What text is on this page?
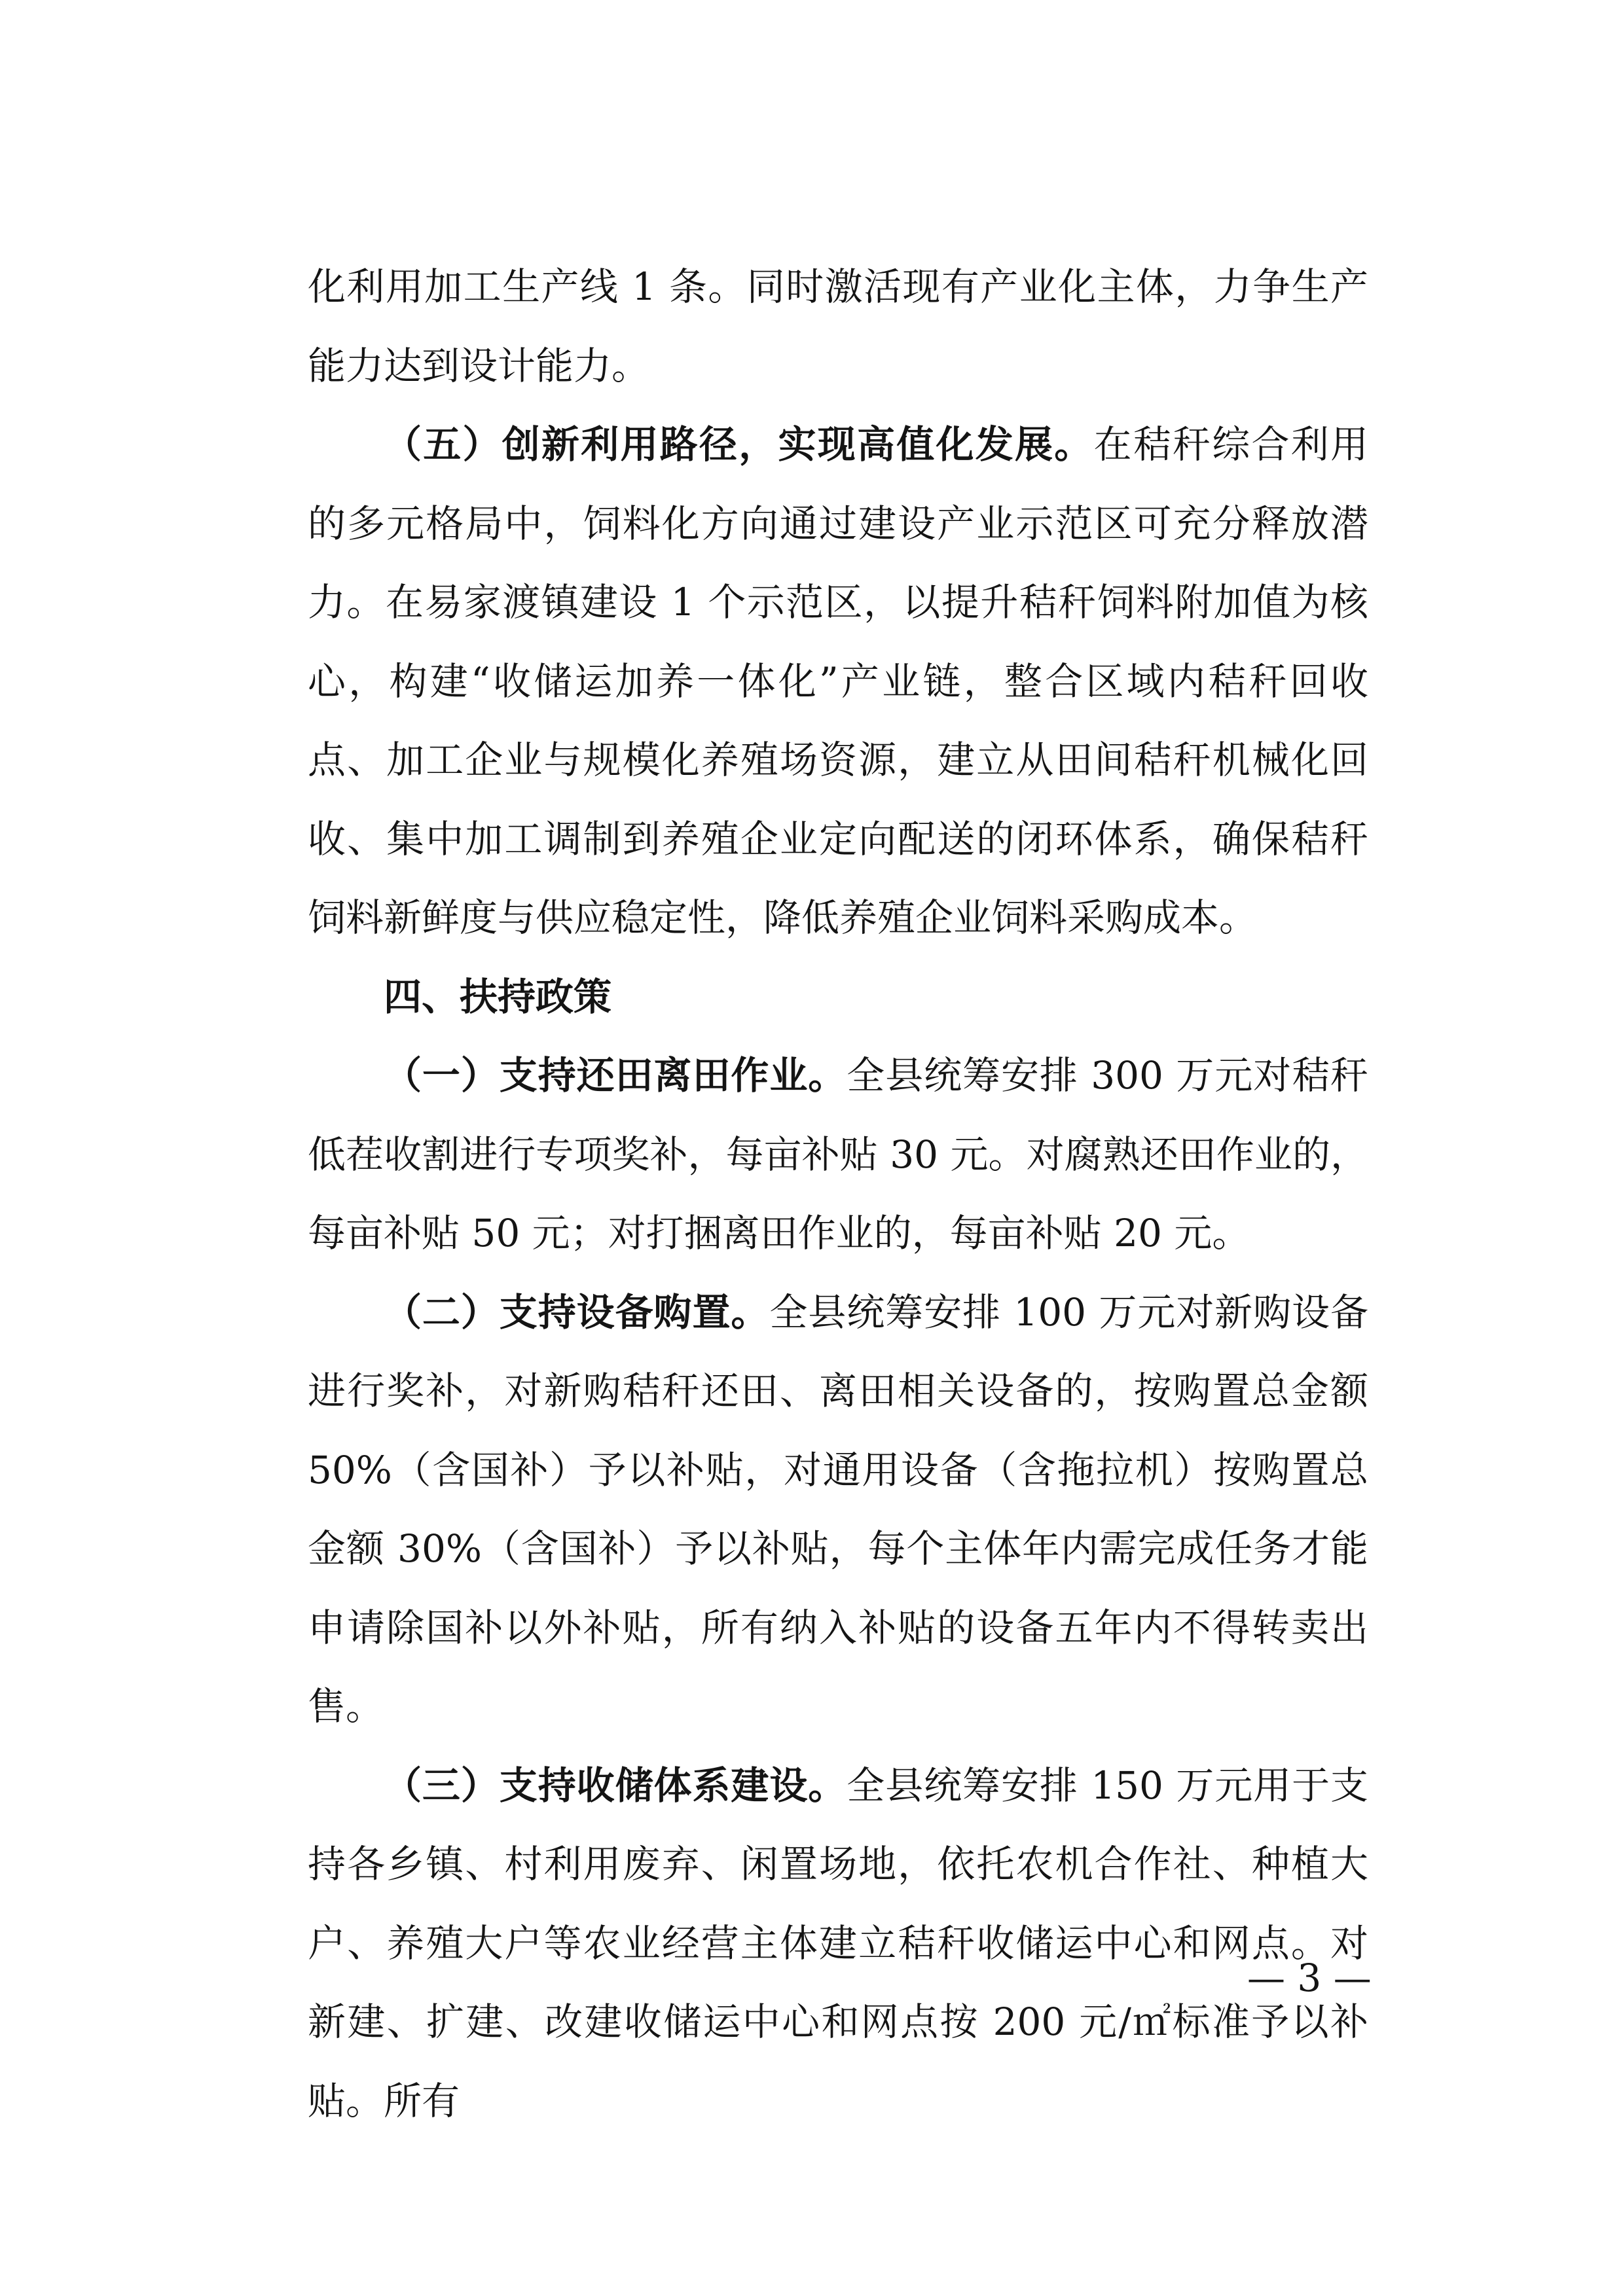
化利用加工生产线 1 条。同时激活现有产业化主体，力争生产能力达到设计能力。

（五）创新利用路径，实现高值化发展。在秸秆综合利用的多元格局中，饲料化方向通过建设产业示范区可充分释放潜力。在易家渡镇建设 1 个示范区，以提升秸秆饲料附加值为核心，构建“收储运加养一体化”产业链，整合区域内秸秆回收点、加工企业与规模化养殖场资源，建立从田间秸秆机械化回收、集中加工调制到养殖企业定向配送的闭环体系，确保秸秆饲料新鲜度与供应稳定性，降低养殖企业饲料采购成本。

四、扶持政策

（一）支持还田离田作业。全县统筹安排 300 万元对秸秆低茬收割进行专项奖补，每亩补贴 30 元。对腐熟还田作业的，每亩补贴 50 元；对打捆离田作业的，每亩补贴 20 元。

（二）支持设备购置。全县统筹安排 100 万元对新购设备进行奖补，对新购秸秆还田、离田相关设备的，按购置总金额 50%（含国补）予以补贴，对通用设备（含拖拉机）按购置总金额 30%（含国补）予以补贴，每个主体年内需完成任务才能申请除国补以外补贴，所有纳入补贴的设备五年内不得转卖出售。

（三）支持收储体系建设。全县统筹安排 150 万元用于支持各乡镇、村利用废弃、闲置场地，依托农机合作社、种植大户、养殖大户等农业经营主体建立秸秆收储运中心和网点。对新建、扩建、改建收储运中心和网点按 200 元/㎡标准予以补贴。所有

— 3 —
